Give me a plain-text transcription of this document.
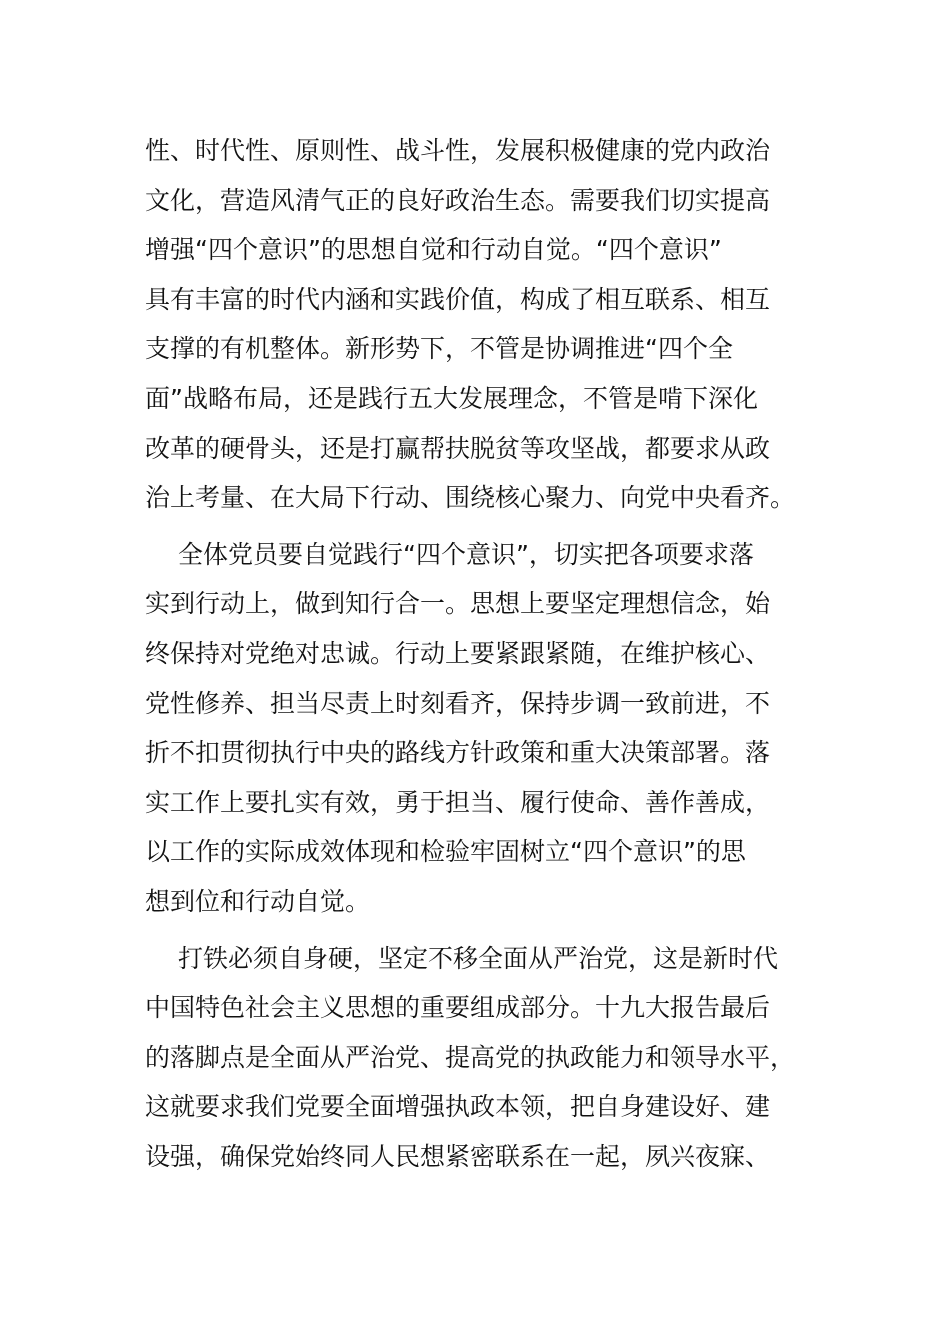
性、时代性、原则性、战斗性，发展积极健康的党内政治
文化，营造风清气正的良好政治生态。需要我们切实提高
增强“四个意识”的思想自觉和行动自觉。“四个意识”
具有丰富的时代内涵和实践价值，构成了相互联系、相互
支撑的有机整体。新形势下，不管是协调推进“四个全
面”战略布局，还是践行五大发展理念，不管是啃下深化
改革的硬骨头，还是打赢帮扶脱贫等攻坚战，都要求从政
治上考量、在大局下行动、围绕核心聚力、向党中央看齐。
全体党员要自觉践行“四个意识”，切实把各项要求落
实到行动上，做到知行合一。思想上要坚定理想信念，始
终保持对党绝对忠诚。行动上要紧跟紧随，在维护核心、
党性修养、担当尽责上时刻看齐，保持步调一致前进，不
折不扣贯彻执行中央的路线方针政策和重大决策部署。落
实工作上要扎实有效，勇于担当、履行使命、善作善成，
以工作的实际成效体现和检验牢固树立“四个意识”的思
想到位和行动自觉。
打铁必须自身硬，坚定不移全面从严治党，这是新时代
中国特色社会主义思想的重要组成部分。十九大报告最后
的落脚点是全面从严治党、提高党的执政能力和领导水平，
这就要求我们党要全面增强执政本领，把自身建设好、建
设强，确保党始终同人民想紧密联系在一起，夙兴夜寐、
